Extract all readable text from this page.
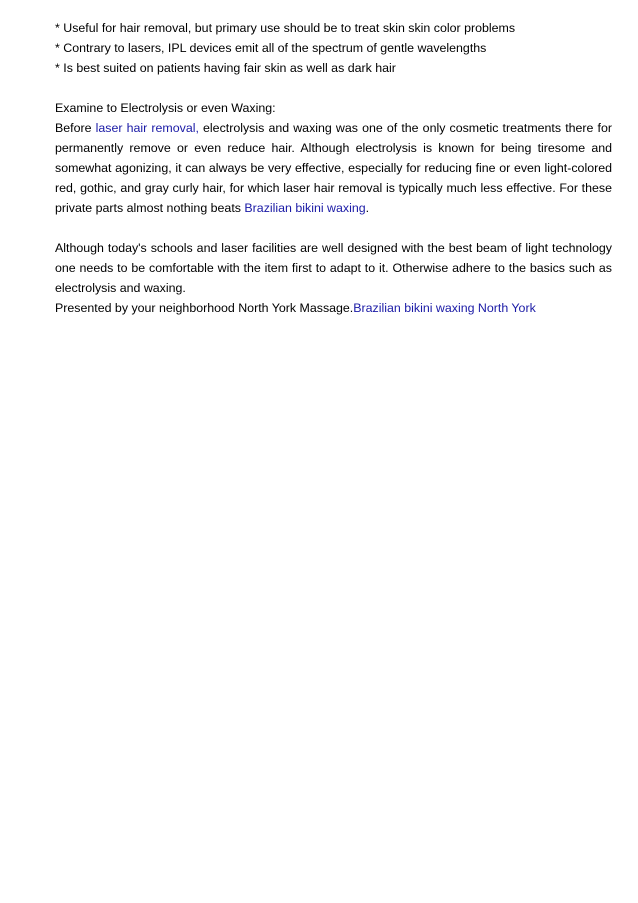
* Useful for hair removal, but primary use should be to treat skin skin color problems
* Contrary to lasers, IPL devices emit all of the spectrum of gentle wavelengths
* Is best suited on patients having fair skin as well as dark hair
Examine to Electrolysis or even Waxing:

Before laser hair removal, electrolysis and waxing was one of the only cosmetic treatments there for permanently remove or even reduce hair. Although electrolysis is known for being tiresome and somewhat agonizing, it can always be very effective, especially for reducing fine or even light-colored red, gothic, and gray curly hair, for which laser hair removal is typically much less effective. For these private parts almost nothing beats Brazilian bikini waxing.

Although today's schools and laser facilities are well designed with the best beam of light technology one needs to be comfortable with the item first to adapt to it. Otherwise adhere to the basics such as electrolysis and waxing.

Presented by your neighborhood North York Massage.Brazilian bikini waxing North York
